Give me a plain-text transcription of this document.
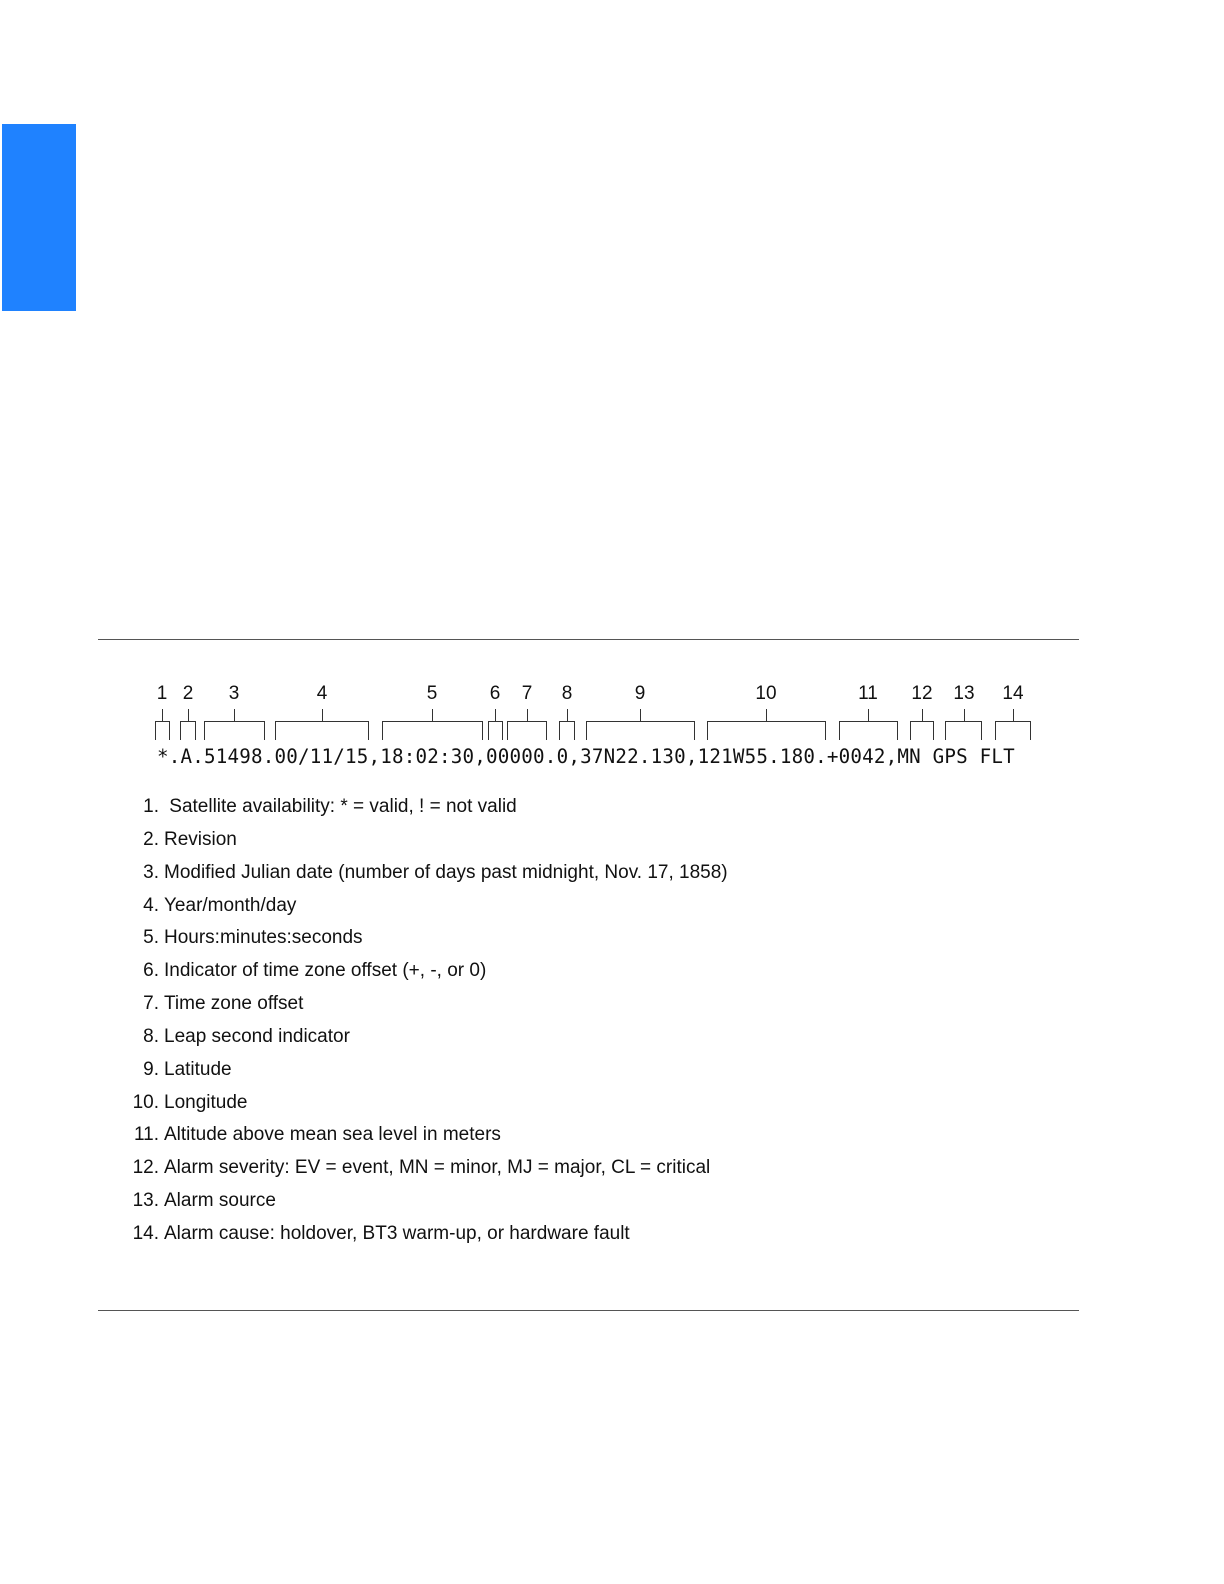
1 2 3	4	5	6 7 8	9	10	11 12 13 14
*.A.51498.00/11/15,18:02:30,00000.0,37N22.130,121W55.180.+0042,MN GPS FLT
1. Satellite availability: * = valid, ! = not valid
2. Revision
3. Modified Julian date (number of days past midnight, Nov. 17, 1858)
4. Year/month/day
5. Hours:minutes:seconds
6. Indicator of time zone offset (+, -, or 0)
7. Time zone offset
8. Leap second indicator
9. Latitude
10. Longitude
11. Altitude above mean sea level in meters
12. Alarm severity: EV = event, MN = minor, MJ = major, CL = critical
13. Alarm source
14. Alarm cause: holdover, BT3 warm-up, or hardware fault
